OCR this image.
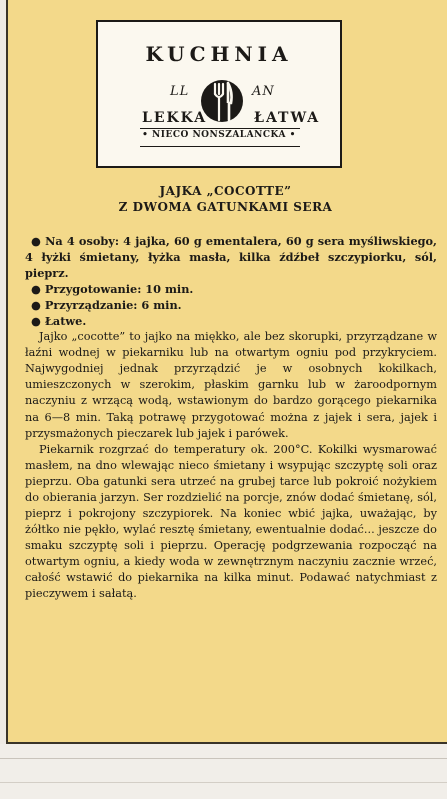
KUCHNIA
LL	AN
LEKKA	ŁATWA
• NIECO NONSZALANCKA •
JAJKA „COCOTTE”
Z DWOMA GATUNKAMI SERA

● Na 4 osoby: 4 jajka, 60 g ementalera, 60 g sera myśliwskiego, 4 łyżki śmietany, łyżka masła, kilka źdźbeł szczypiorku, sól, pieprz.

● Przygotowanie: 10 min.

● Przyrządzanie: 6 min.

● Łatwe.

Jajko „cocotte” to jajko na miękko, ale bez skorupki, przyrządzane w łaźni wodnej w piekarniku lub na otwartym ogniu pod przykryciem. Najwygodniej jednak przyrządzić je w osobnych kokilkach, umieszczonych w szerokim, płaskim garnku lub w żaroodpornym naczyniu z wrzącą wodą, wstawionym do bardzo gorącego piekarnika na 6—8 min. Taką potrawę przygotować można z jajek i sera, jajek i przysmażonych pieczarek lub jajek i parówek.

Piekarnik rozgrzać do temperatury ok. 200°C. Kokilki wysmarować masłem, na dno wlewając nieco śmietany i wsypując szczyptę soli oraz pieprzu. Oba gatunki sera utrzeć na grubej tarce lub pokroić nożykiem do obierania jarzyn. Ser rozdzielić na porcje, znów dodać śmietanę, sól, pieprz i pokrojony szczypiorek. Na koniec wbić jajka, uważając, by żółtko nie pękło, wylać resztę śmietany, ewentualnie dodać... jeszcze do smaku szczyptę soli i pieprzu. Operację podgrzewania rozpocząć na otwartym ogniu, a kiedy woda w zewnętrznym naczyniu zacznie wrzeć, całość wstawić do piekarnika na kilka minut. Podawać natychmiast z pieczywem i sałatą.
